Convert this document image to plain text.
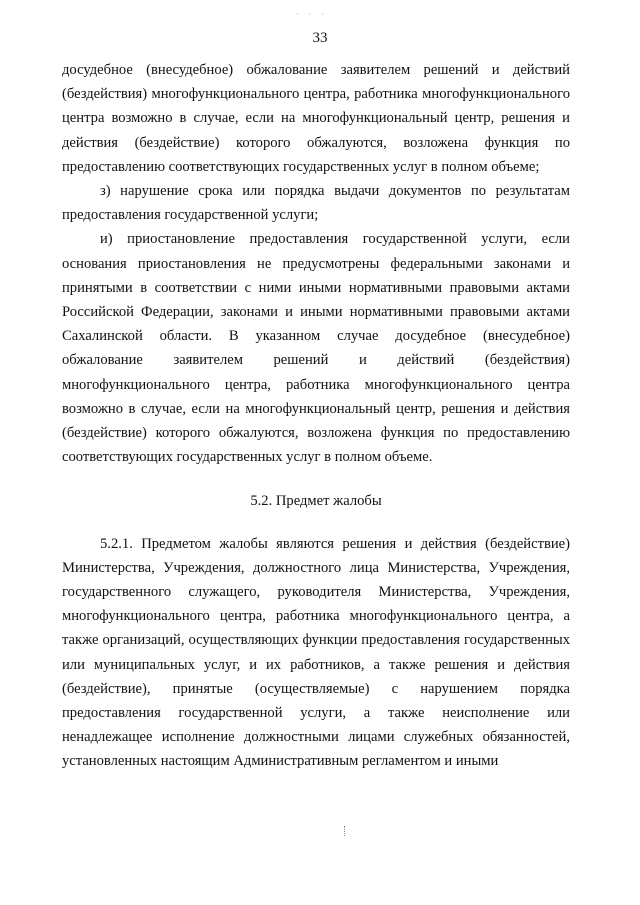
· · ·
33

досудебное (внесудебное) обжалование заявителем решений и действий (бездействия) многофункционального центра, работника многофункционального центра возможно в случае, если на многофункциональный центр, решения и действия (бездействие) которого обжалуются, возложена функция по предоставлению соответствующих государственных услуг в полном объеме;

з) нарушение срока или порядка выдачи документов по результатам предоставления государственной услуги;

и) приостановление предоставления государственной услуги, если основания приостановления не предусмотрены федеральными законами и принятыми в соответствии с ними иными нормативными правовыми актами Российской Федерации, законами и иными нормативными правовыми актами Сахалинской области. В указанном случае досудебное (внесудебное) обжалование заявителем решений и действий (бездействия) многофункционального центра, работника многофункционального центра возможно в случае, если на многофункциональный центр, решения и действия (бездействие) которого обжалуются, возложена функция по предоставлению соответствующих государственных услуг в полном объеме.

5.2. Предмет жалобы

5.2.1. Предметом жалобы являются решения и действия (бездействие) Министерства, Учреждения, должностного лица Министерства, Учреждения, государственного служащего, руководителя Министерства, Учреждения, многофункционального центра, работника многофункционального центра, а также организаций, осуществляющих функции предоставления государственных или муниципальных услуг, и их работников, а также решения и действия (бездействие), принятые (осуществляемые) с нарушением порядка предоставления государственной услуги, а также неисполнение или ненадлежащее исполнение должностными лицами служебных обязанностей, установленных настоящим Административным регламентом и иными
